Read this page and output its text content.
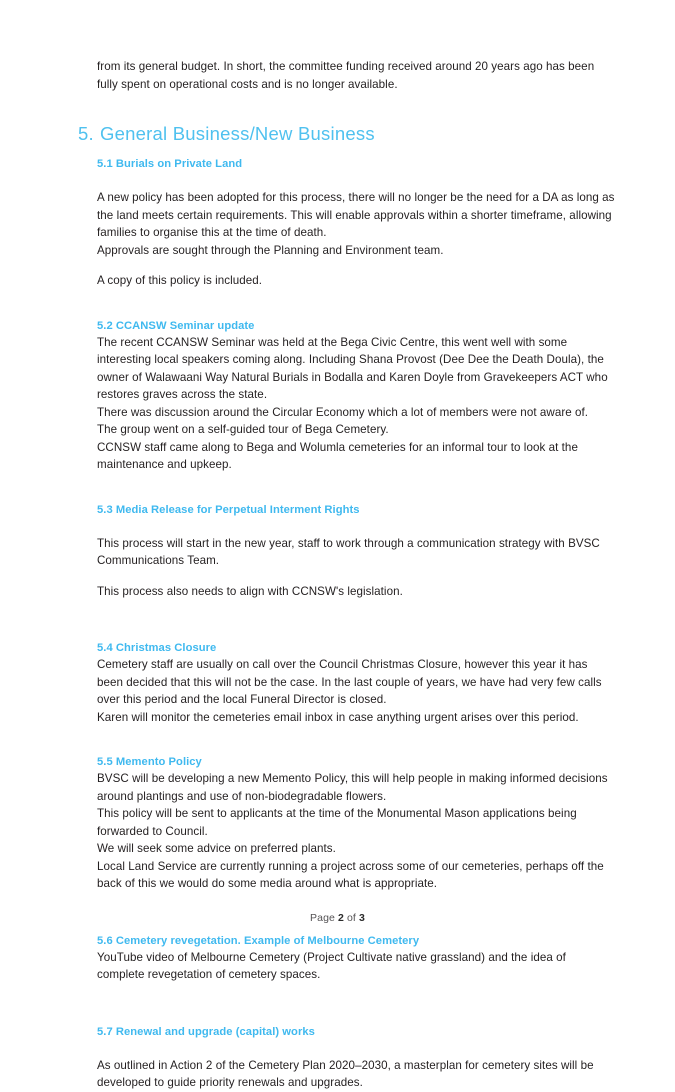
from its general budget. In short, the committee funding received around 20 years ago has been fully spent on operational costs and is no longer available.

5. General Business/New Business
5.1 Burials on Private Land

A new policy has been adopted for this process, there will no longer be the need for a DA as long as the land meets certain requirements. This will enable approvals within a shorter timeframe, allowing families to organise this at the time of death.

Approvals are sought through the Planning and Environment team.

A copy of this policy is included.

5.2 CCANSW Seminar update

The recent CCANSW Seminar was held at the Bega Civic Centre, this went well with some interesting local speakers coming along. Including Shana Provost (Dee Dee the Death Doula), the owner of Walawaani Way Natural Burials in Bodalla and Karen Doyle from Gravekeepers ACT who restores graves across the state.

There was discussion around the Circular Economy which a lot of members were not aware of.

The group went on a self-guided tour of Bega Cemetery.

CCNSW staff came along to Bega and Wolumla cemeteries for an informal tour to look at the maintenance and upkeep.

5.3 Media Release for Perpetual Interment Rights

This process will start in the new year, staff to work through a communication strategy with BVSC Communications Team.

This process also needs to align with CCNSW's legislation.

5.4 Christmas Closure

Cemetery staff are usually on call over the Council Christmas Closure, however this year it has been decided that this will not be the case. In the last couple of years, we have had very few calls over this period and the local Funeral Director is closed.

Karen will monitor the cemeteries email inbox in case anything urgent arises over this period.

5.5 Memento Policy

BVSC will be developing a new Memento Policy, this will help people in making informed decisions around plantings and use of non-biodegradable flowers.

This policy will be sent to applicants at the time of the Monumental Mason applications being forwarded to Council.

We will seek some advice on preferred plants.

Local Land Service are currently running a project across some of our cemeteries, perhaps off the back of this we would do some media around what is appropriate.

5.6 Cemetery revegetation. Example of Melbourne Cemetery

YouTube video of Melbourne Cemetery (Project Cultivate native grassland) and the idea of complete revegetation of cemetery spaces.

5.7 Renewal and upgrade (capital) works

As outlined in Action 2 of the Cemetery Plan 2020–2030, a masterplan for cemetery sites will be developed to guide priority renewals and upgrades.

Page 2 of 3
